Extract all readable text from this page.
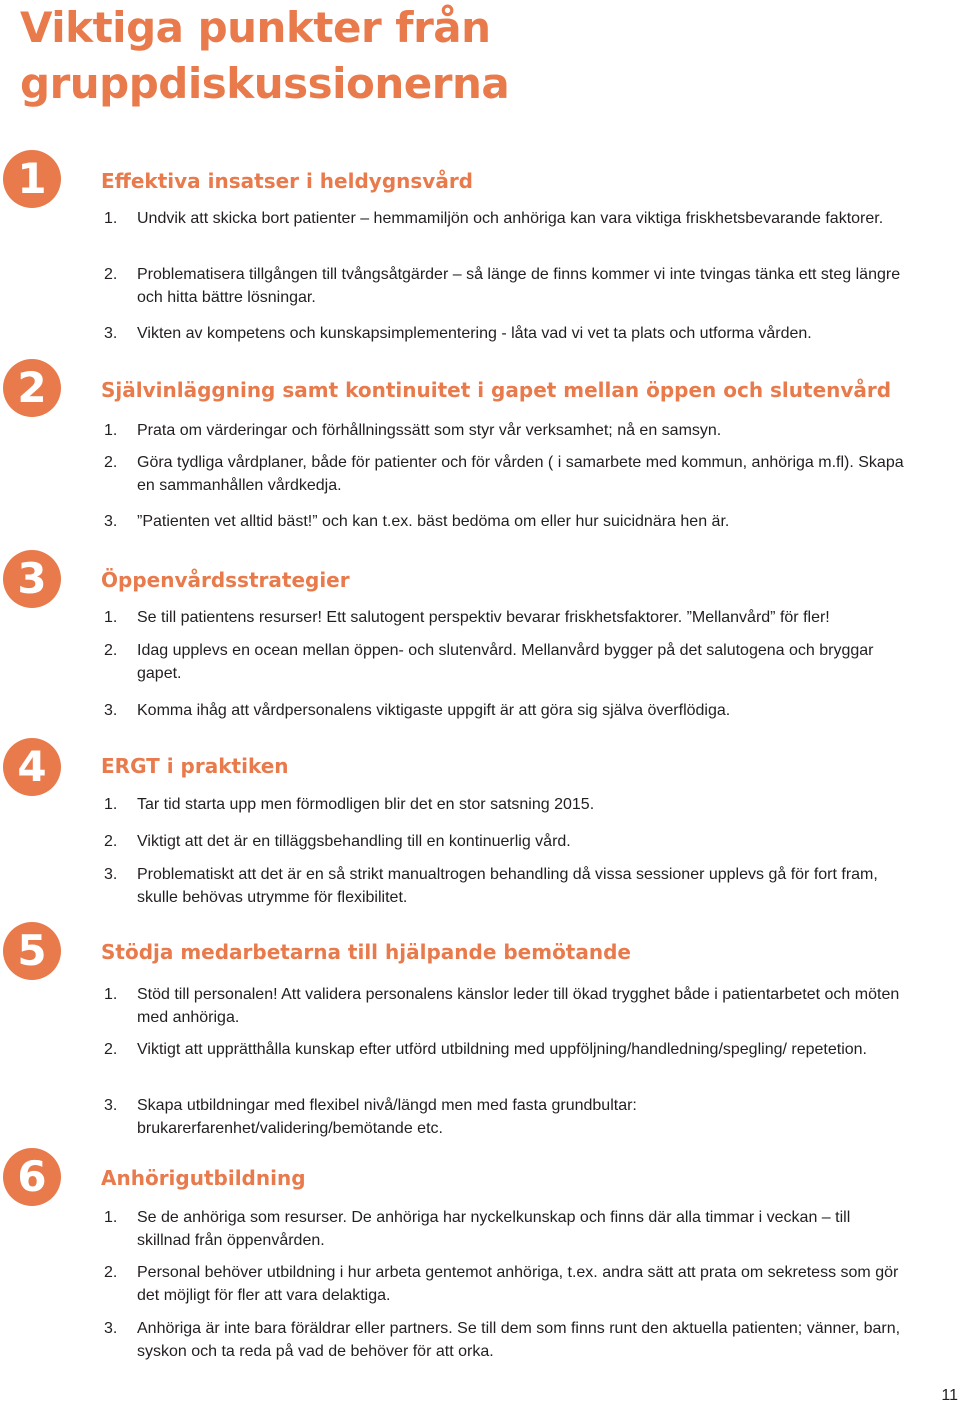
Viktiga punkter från
gruppdiskussionerna
1	Effektiva insatser i heldygnsvård
1. Undvik att skicka bort patienter – hemmamiljön och anhöriga kan vara viktiga friskhetsbevarande faktorer.
2. Problematisera tillgången till tvångsåtgärder – så länge de finns kommer vi inte tvingas tänka ett steg längre och hitta bättre lösningar.
3. Vikten av kompetens och kunskapsimplementering - låta vad vi vet ta plats och utforma vården.
2	Självinläggning samt kontinuitet i gapet mellan öppen och slutenvård
1. Prata om värderingar och förhållningssätt som styr vår verksamhet; nå en samsyn.
2. Göra tydliga vårdplaner, både för patienter och för vården ( i samarbete med kommun, anhöriga m.fl). Skapa en sammanhållen vårdkedja.
3. ”Patienten vet alltid bäst!” och kan t.ex. bäst bedöma om eller hur suicidnära hen är.
3	Öppenvårdsstrategier
1. Se till patientens resurser! Ett salutogent perspektiv bevarar friskhetsfaktorer. ”Mellanvård” för fler!
2. Idag upplevs en ocean mellan öppen- och slutenvård. Mellanvård bygger på det salutogena och bryggar gapet.
3. Komma ihåg att vårdpersonalens viktigaste uppgift är att göra sig själva överflödiga.
4	ERGT i praktiken
1. Tar tid starta upp men förmodligen blir det en stor satsning 2015.
2. Viktigt att det är en tilläggsbehandling till en kontinuerlig vård.
3. Problematiskt att det är en så strikt manualtrogen behandling då vissa sessioner upplevs gå för fort fram, skulle behövas utrymme för flexibilitet.
5	Stödja medarbetarna till hjälpande bemötande
1. Stöd till personalen! Att validera personalens känslor leder till ökad trygghet både i patientarbetet och möten med anhöriga.
2. Viktigt att upprätthålla kunskap efter utförd utbildning med uppföljning/handledning/spegling/ repetetion.
3. Skapa utbildningar med flexibel nivå/längd men med fasta grundbultar: brukarerfarenhet/validering/bemötande etc.
6	Anhörigutbildning
1. Se de anhöriga som resurser. De anhöriga har nyckelkunskap och finns där alla timmar i veckan – till skillnad från öppenvården.
2. Personal behöver utbildning i hur arbeta gentemot anhöriga, t.ex. andra sätt att prata om sekretess som gör det möjligt för fler att vara delaktiga.
3. Anhöriga är inte bara föräldrar eller partners. Se till dem som finns runt den aktuella patienten; vänner, barn, syskon och ta reda på vad de behöver för att orka.
11
